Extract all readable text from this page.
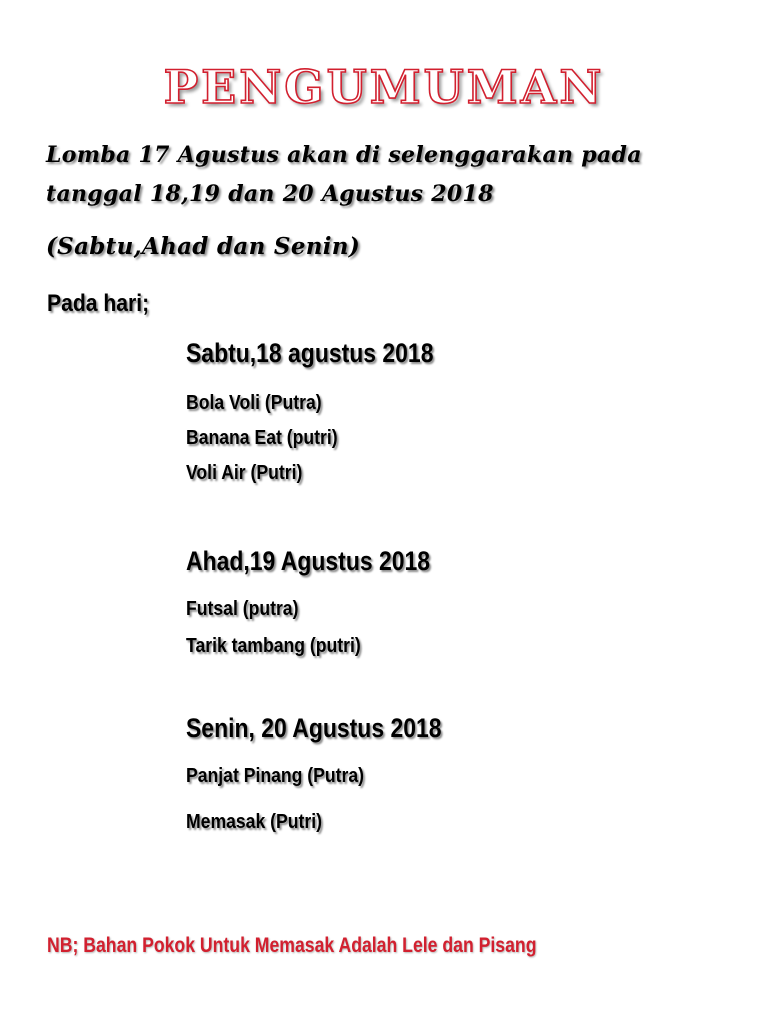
PENGUMUMAN
Lomba 17 Agustus akan di selenggarakan pada
tanggal 18,19 dan 20 Agustus 2018
(Sabtu,Ahad dan Senin)
Pada hari;
Sabtu,18 agustus 2018
Bola Voli (Putra)
Banana Eat (putri)
Voli Air (Putri)
Ahad,19 Agustus 2018
Futsal (putra)
Tarik tambang (putri)
Senin, 20 Agustus 2018
Panjat Pinang (Putra)
Memasak (Putri)
NB; Bahan Pokok Untuk Memasak Adalah Lele dan Pisang
